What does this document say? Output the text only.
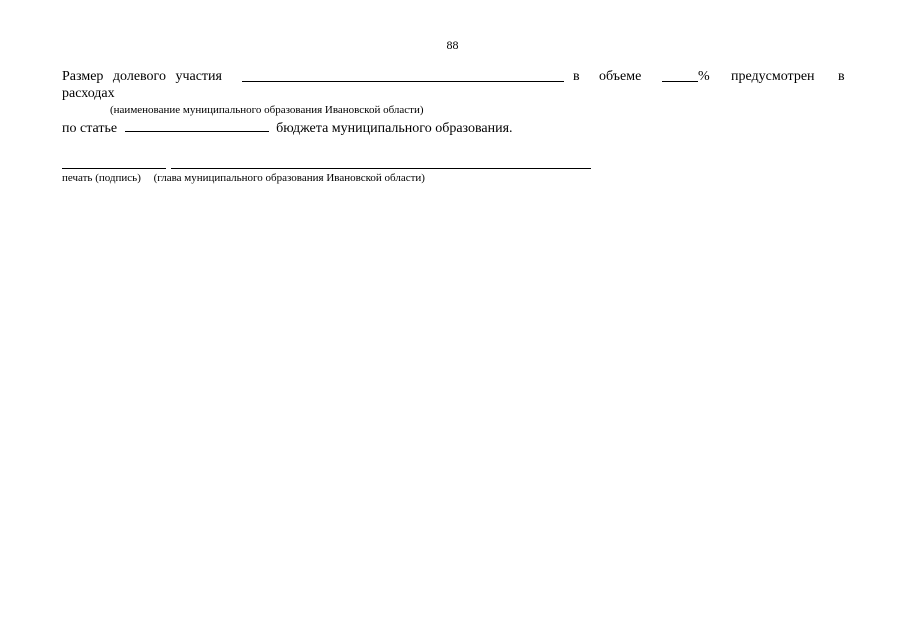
88
Размер долевого участия	в объеме	% предусмотрен в
расходах
(наименование муниципального образования Ивановской области)
по статье	бюджета муниципального образования.
печать (подпись) (глава муниципального образования Ивановской области)
